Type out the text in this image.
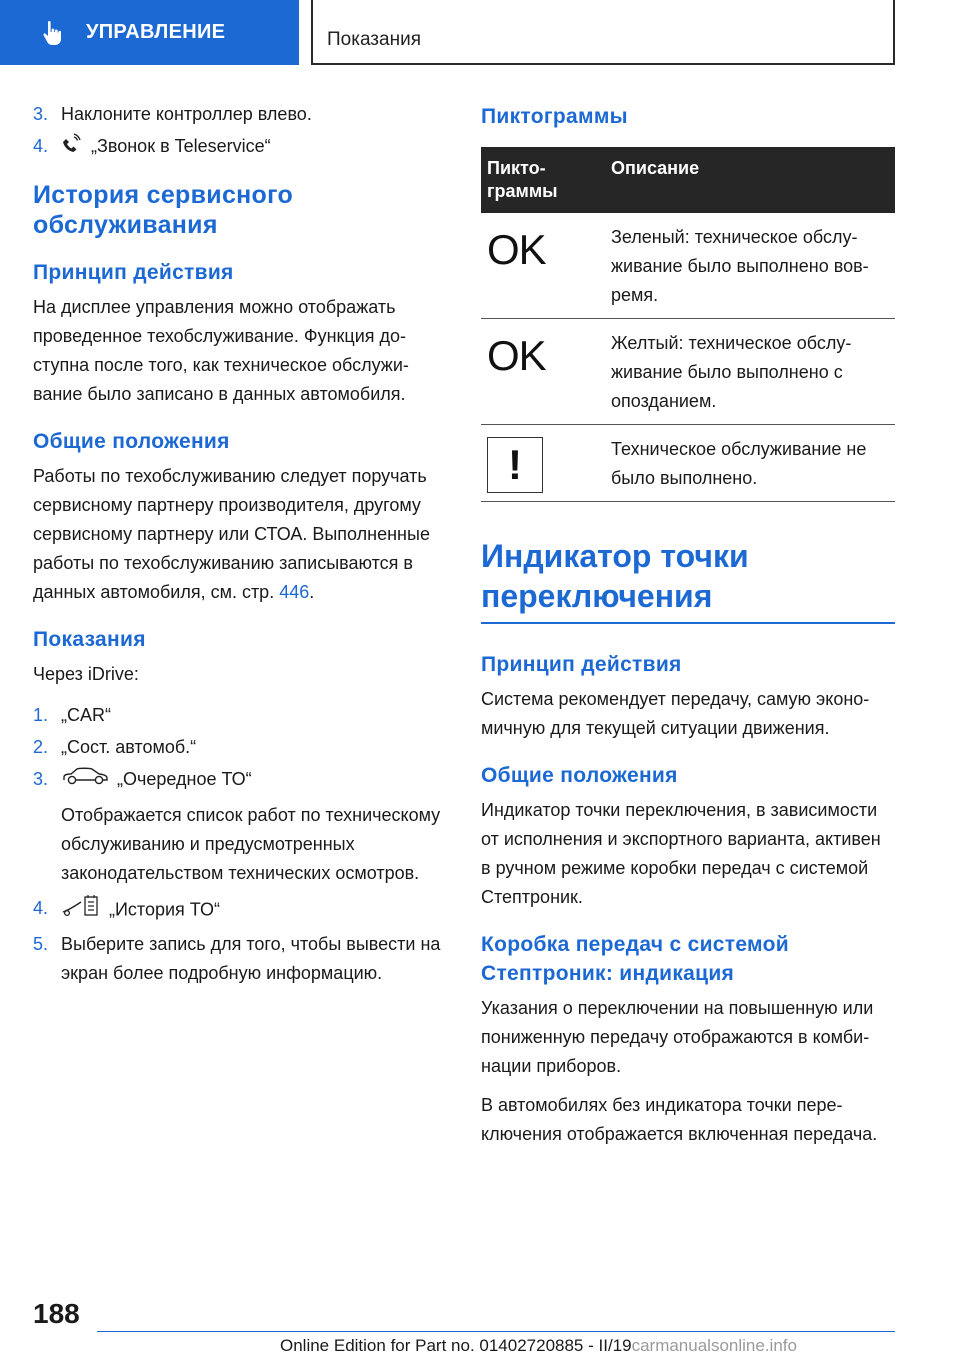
УПРАВЛЕНИЕ	Показания
3. Наклоните контроллер влево.
4.	„Звонок в Teleservice“
История сервисного обслуживания
Принцип действия

На дисплее управления можно отображать проведенное техобслуживание. Функция доступна после того, как техническое обслуживание было записано в данных автомобиля.

Общие положения

Работы по техобслуживанию следует поручать сервисному партнеру производителя, другому сервисному партнеру или СТОА. Выполненные работы по техобслуживанию записываются в данных автомобиля, см. стр. 446.

Показания

Через iDrive:

1. „CAR“
2. „Сост. автомоб.“
3.	„Очередное ТО“
Отображается список работ по техническому обслуживанию и предусмотренных законодательством технических осмотров.
4.	„История ТО“
5. Выберите запись для того, чтобы вывести на экран более подробную информацию.
Пиктограммы
Пиктограммы	Описание
OK	Зеленый: техническое обслуживание было выполнено вовремя.
OK	Желтый: техническое обслуживание было выполнено с опозданием.

!	Техническое обслуживание не было выполнено.
Индикатор точки переключения
Принцип действия

Система рекомендует передачу, самую экономичную для текущей ситуации движения.

Общие положения

Индикатор точки переключения, в зависимости от исполнения и экспортного варианта, активен в ручном режиме коробки передач с системой Стептроник.

Коробка передач с системой Стептроник: индикация

Указания о переключении на повышенную или пониженную передачу отображаются в комбинации приборов.

В автомобилях без индикатора точки переключения отображается включенная передача.

188
Online Edition for Part no. 01402720885 - II/19carmanualsonline.info
